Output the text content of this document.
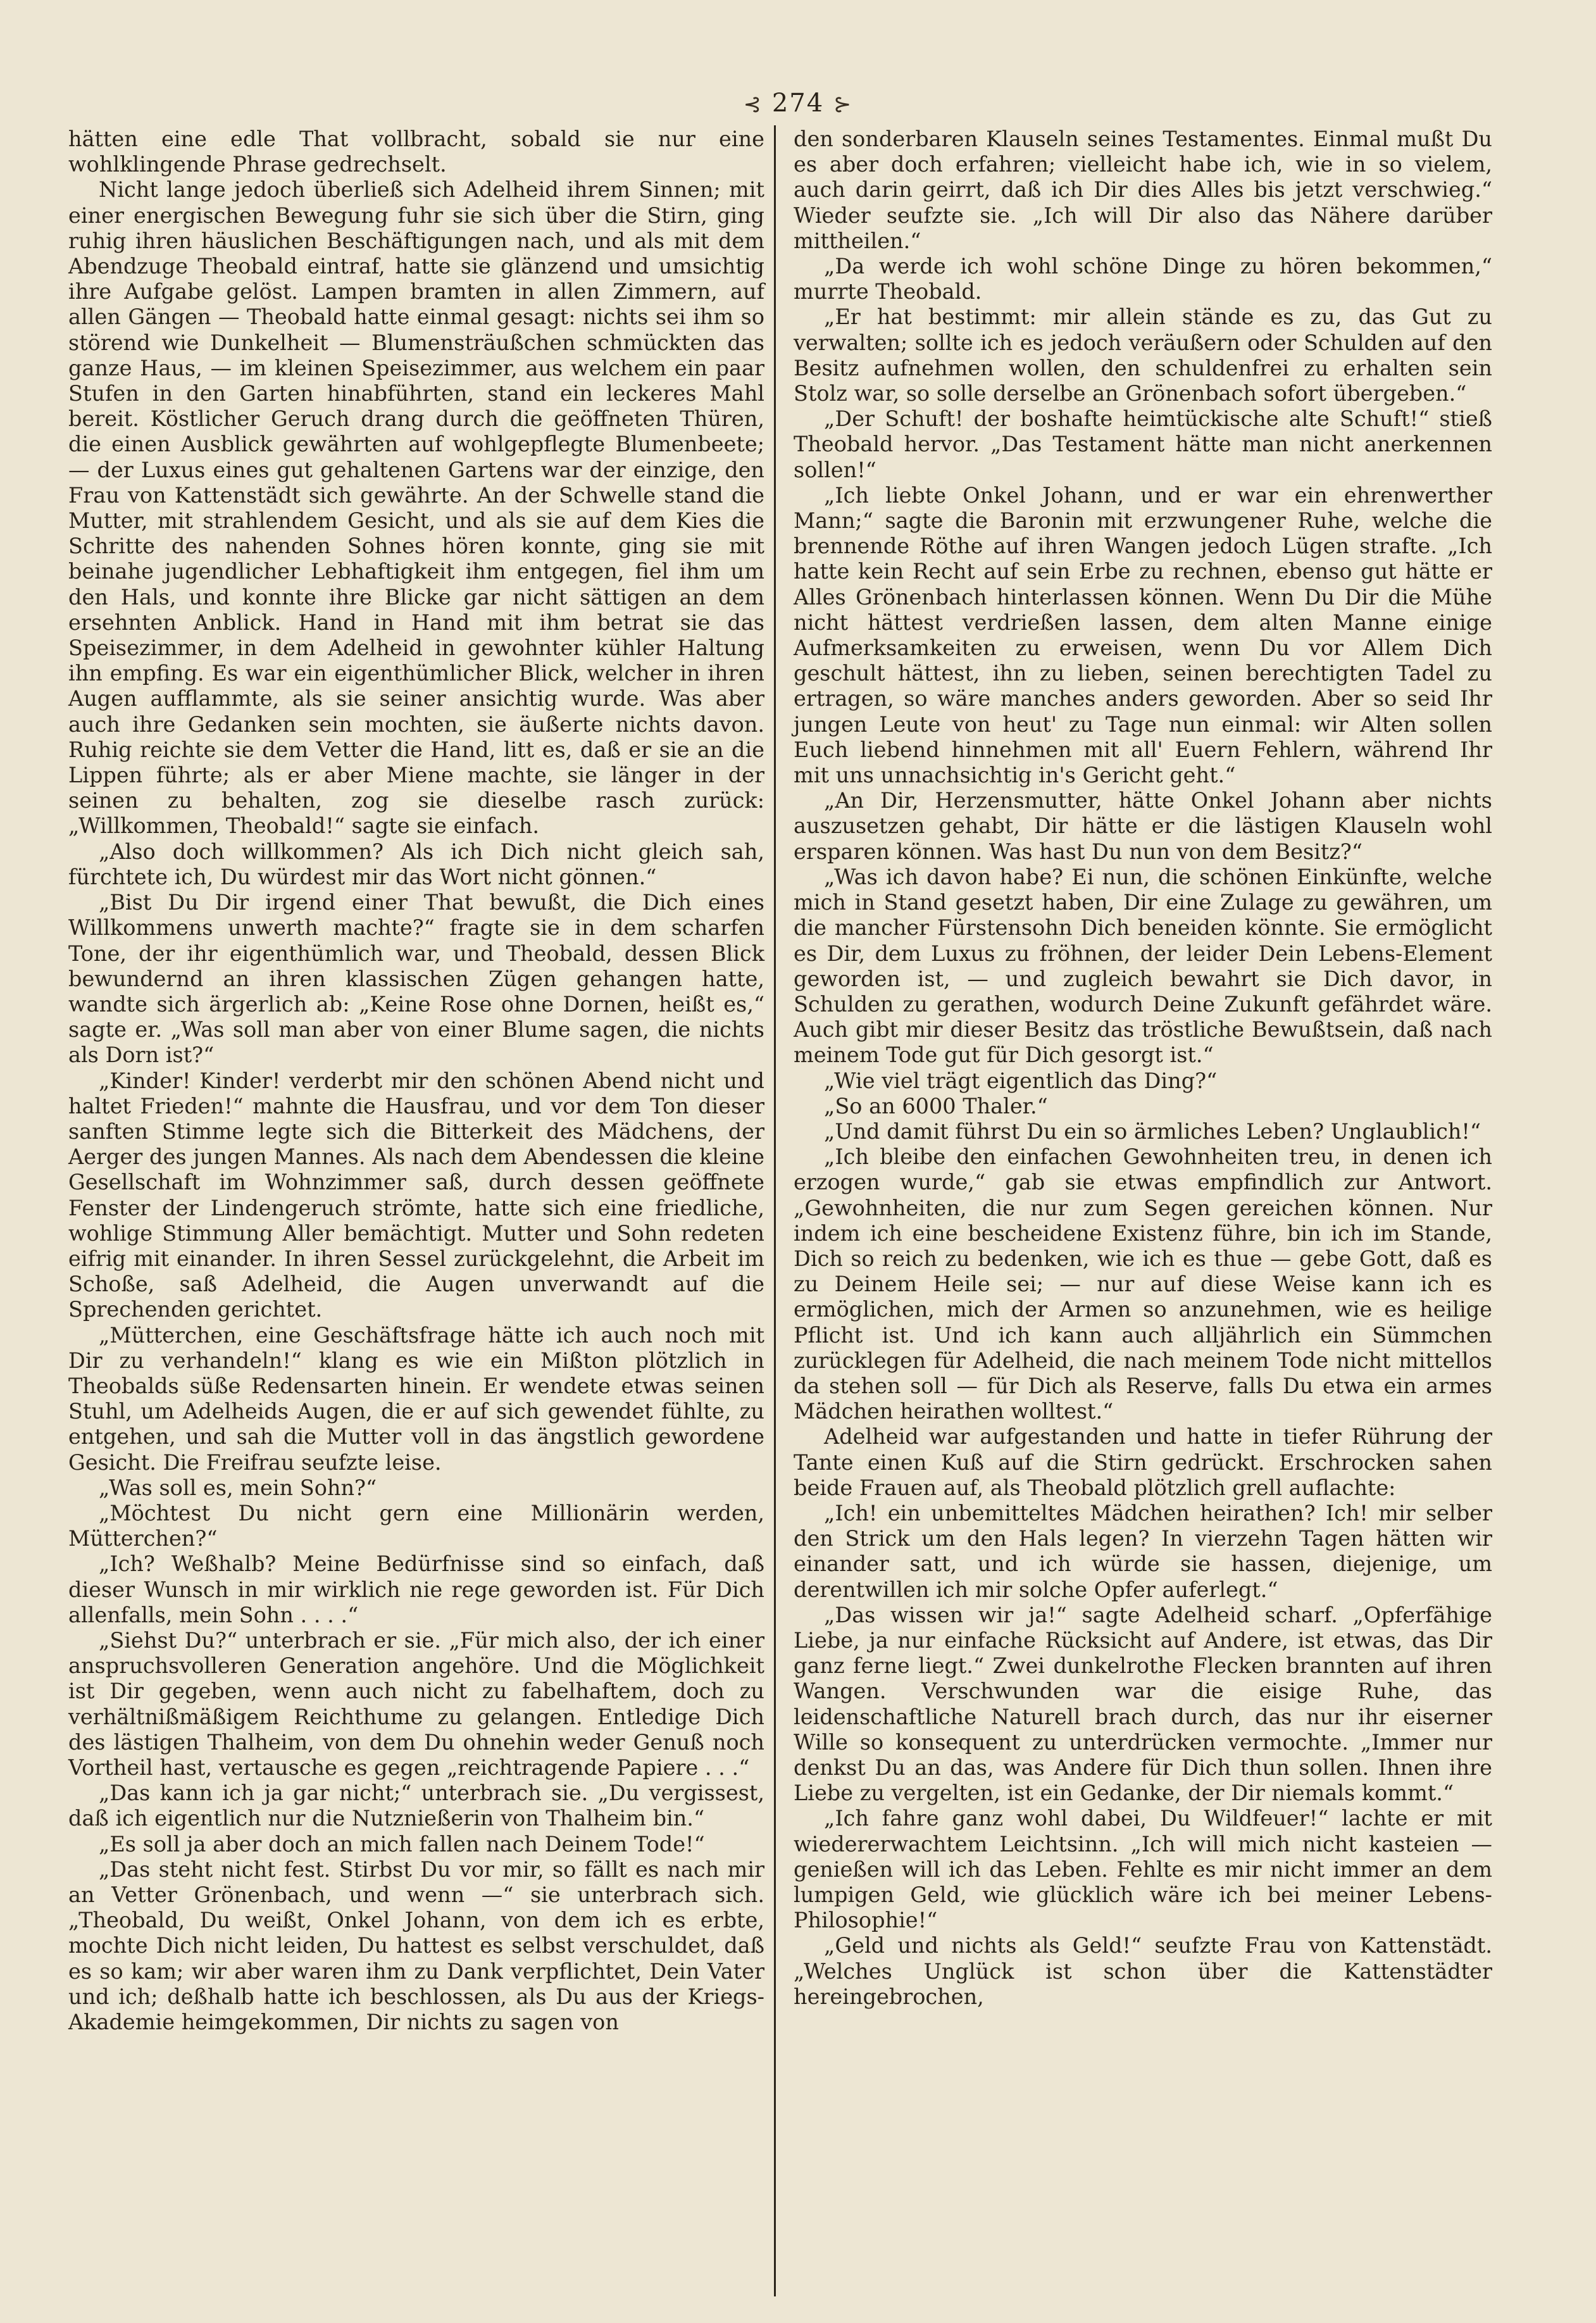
⊰ 274 ⊱

hätten eine edle That vollbracht, sobald sie nur eine wohlklingende Phrase gedrechselt.

Nicht lange jedoch überließ sich Adelheid ihrem Sinnen; mit einer energischen Bewegung fuhr sie sich über die Stirn, ging ruhig ihren häuslichen Beschäftigungen nach, und als mit dem Abendzuge Theobald eintraf, hatte sie glänzend und umsichtig ihre Aufgabe gelöst. Lampen bramten in allen Zimmern, auf allen Gängen — Theobald hatte einmal gesagt: nichts sei ihm so störend wie Dunkelheit — Blumensträußchen schmückten das ganze Haus, — im kleinen Speisezimmer, aus welchem ein paar Stufen in den Garten hinabführten, stand ein leckeres Mahl bereit. Köstlicher Geruch drang durch die geöffneten Thüren, die einen Ausblick gewährten auf wohlgepflegte Blumenbeete; — der Luxus eines gut gehaltenen Gartens war der einzige, den Frau von Kattenstädt sich gewährte. An der Schwelle stand die Mutter, mit strahlendem Gesicht, und als sie auf dem Kies die Schritte des nahenden Sohnes hören konnte, ging sie mit beinahe jugendlicher Lebhaftigkeit ihm entgegen, fiel ihm um den Hals, und konnte ihre Blicke gar nicht sättigen an dem ersehnten Anblick. Hand in Hand mit ihm betrat sie das Speisezimmer, in dem Adelheid in gewohnter kühler Haltung ihn empfing. Es war ein eigenthümlicher Blick, welcher in ihren Augen aufflammte, als sie seiner ansichtig wurde. Was aber auch ihre Gedanken sein mochten, sie äußerte nichts davon. Ruhig reichte sie dem Vetter die Hand, litt es, daß er sie an die Lippen führte; als er aber Miene machte, sie länger in der seinen zu behalten, zog sie dieselbe rasch zurück: „Willkommen, Theobald!“ sagte sie einfach.

„Also doch willkommen? Als ich Dich nicht gleich sah, fürchtete ich, Du würdest mir das Wort nicht gönnen.“

„Bist Du Dir irgend einer That bewußt, die Dich eines Willkommens unwerth machte?“ fragte sie in dem scharfen Tone, der ihr eigenthümlich war, und Theobald, dessen Blick bewundernd an ihren klassischen Zügen gehangen hatte, wandte sich ärgerlich ab: „Keine Rose ohne Dornen, heißt es,“ sagte er. „Was soll man aber von einer Blume sagen, die nichts als Dorn ist?“

„Kinder! Kinder! verderbt mir den schönen Abend nicht und haltet Frieden!“ mahnte die Hausfrau, und vor dem Ton dieser sanften Stimme legte sich die Bitterkeit des Mädchens, der Aerger des jungen Mannes. Als nach dem Abendessen die kleine Gesellschaft im Wohnzimmer saß, durch dessen geöffnete Fenster der Lindengeruch strömte, hatte sich eine friedliche, wohlige Stimmung Aller bemächtigt. Mutter und Sohn redeten eifrig mit einander. In ihren Sessel zurückgelehnt, die Arbeit im Schoße, saß Adelheid, die Augen unverwandt auf die Sprechenden gerichtet.

„Mütterchen, eine Geschäftsfrage hätte ich auch noch mit Dir zu verhandeln!“ klang es wie ein Mißton plötzlich in Theobalds süße Redensarten hinein. Er wendete etwas seinen Stuhl, um Adelheids Augen, die er auf sich gewendet fühlte, zu entgehen, und sah die Mutter voll in das ängstlich gewordene Gesicht. Die Freifrau seufzte leise.

„Was soll es, mein Sohn?“

„Möchtest Du nicht gern eine Millionärin werden, Mütterchen?“

„Ich? Weßhalb? Meine Bedürfnisse sind so einfach, daß dieser Wunsch in mir wirklich nie rege geworden ist. Für Dich allenfalls, mein Sohn . . . .“

„Siehst Du?“ unterbrach er sie. „Für mich also, der ich einer anspruchsvolleren Generation angehöre. Und die Möglichkeit ist Dir gegeben, wenn auch nicht zu fabelhaftem, doch zu verhältnißmäßigem Reichthume zu gelangen. Entledige Dich des lästigen Thalheim, von dem Du ohnehin weder Genuß noch Vortheil hast, vertausche es gegen „reichtragende Papiere . . .“

„Das kann ich ja gar nicht;“ unterbrach sie. „Du vergissest, daß ich eigentlich nur die Nutznießerin von Thalheim bin.“

„Es soll ja aber doch an mich fallen nach Deinem Tode!“

„Das steht nicht fest. Stirbst Du vor mir, so fällt es nach mir an Vetter Grönenbach, und wenn —“ sie unterbrach sich. „Theobald, Du weißt, Onkel Johann, von dem ich es erbte, mochte Dich nicht leiden, Du hattest es selbst verschuldet, daß es so kam; wir aber waren ihm zu Dank verpflichtet, Dein Vater und ich; deßhalb hatte ich beschlossen, als Du aus der Kriegs-Akademie heimgekommen, Dir nichts zu sagen von

den sonderbaren Klauseln seines Testamentes. Einmal mußt Du es aber doch erfahren; vielleicht habe ich, wie in so vielem, auch darin geirrt, daß ich Dir dies Alles bis jetzt verschwieg.“ Wieder seufzte sie. „Ich will Dir also das Nähere darüber mittheilen.“

„Da werde ich wohl schöne Dinge zu hören bekommen,“ murrte Theobald.

„Er hat bestimmt: mir allein stände es zu, das Gut zu verwalten; sollte ich es jedoch veräußern oder Schulden auf den Besitz aufnehmen wollen, den schuldenfrei zu erhalten sein Stolz war, so solle derselbe an Grönenbach sofort übergeben.“

„Der Schuft! der boshafte heimtückische alte Schuft!“ stieß Theobald hervor. „Das Testament hätte man nicht anerkennen sollen!“

„Ich liebte Onkel Johann, und er war ein ehrenwerther Mann;“ sagte die Baronin mit erzwungener Ruhe, welche die brennende Röthe auf ihren Wangen jedoch Lügen strafte. „Ich hatte kein Recht auf sein Erbe zu rechnen, ebenso gut hätte er Alles Grönenbach hinterlassen können. Wenn Du Dir die Mühe nicht hättest verdrießen lassen, dem alten Manne einige Aufmerksamkeiten zu erweisen, wenn Du vor Allem Dich geschult hättest, ihn zu lieben, seinen berechtigten Tadel zu ertragen, so wäre manches anders geworden. Aber so seid Ihr jungen Leute von heut' zu Tage nun einmal: wir Alten sollen Euch liebend hinnehmen mit all' Euern Fehlern, während Ihr mit uns unnachsichtig in's Gericht geht.“

„An Dir, Herzensmutter, hätte Onkel Johann aber nichts auszusetzen gehabt, Dir hätte er die lästigen Klauseln wohl ersparen können. Was hast Du nun von dem Besitz?“

„Was ich davon habe? Ei nun, die schönen Einkünfte, welche mich in Stand gesetzt haben, Dir eine Zulage zu gewähren, um die mancher Fürstensohn Dich beneiden könnte. Sie ermöglicht es Dir, dem Luxus zu fröhnen, der leider Dein Lebens-Element geworden ist, — und zugleich bewahrt sie Dich davor, in Schulden zu gerathen, wodurch Deine Zukunft gefährdet wäre. Auch gibt mir dieser Besitz das tröstliche Bewußtsein, daß nach meinem Tode gut für Dich gesorgt ist.“

„Wie viel trägt eigentlich das Ding?“

„So an 6000 Thaler.“

„Und damit führst Du ein so ärmliches Leben? Unglaublich!“

„Ich bleibe den einfachen Gewohnheiten treu, in denen ich erzogen wurde,“ gab sie etwas empfindlich zur Antwort. „Gewohnheiten, die nur zum Segen gereichen können. Nur indem ich eine bescheidene Existenz führe, bin ich im Stande, Dich so reich zu bedenken, wie ich es thue — gebe Gott, daß es zu Deinem Heile sei; — nur auf diese Weise kann ich es ermöglichen, mich der Armen so anzunehmen, wie es heilige Pflicht ist. Und ich kann auch alljährlich ein Sümmchen zurücklegen für Adelheid, die nach meinem Tode nicht mittellos da stehen soll — für Dich als Reserve, falls Du etwa ein armes Mädchen heirathen wolltest.“

Adelheid war aufgestanden und hatte in tiefer Rührung der Tante einen Kuß auf die Stirn gedrückt. Erschrocken sahen beide Frauen auf, als Theobald plötzlich grell auflachte:

„Ich! ein unbemitteltes Mädchen heirathen? Ich! mir selber den Strick um den Hals legen? In vierzehn Tagen hätten wir einander satt, und ich würde sie hassen, diejenige, um derentwillen ich mir solche Opfer auferlegt.“

„Das wissen wir ja!“ sagte Adelheid scharf. „Opferfähige Liebe, ja nur einfache Rücksicht auf Andere, ist etwas, das Dir ganz ferne liegt.“ Zwei dunkelrothe Flecken brannten auf ihren Wangen. Verschwunden war die eisige Ruhe, das leidenschaftliche Naturell brach durch, das nur ihr eiserner Wille so konsequent zu unterdrücken vermochte. „Immer nur denkst Du an das, was Andere für Dich thun sollen. Ihnen ihre Liebe zu vergelten, ist ein Gedanke, der Dir niemals kommt.“

„Ich fahre ganz wohl dabei, Du Wildfeuer!“ lachte er mit wiedererwachtem Leichtsinn. „Ich will mich nicht kasteien — genießen will ich das Leben. Fehlte es mir nicht immer an dem lumpigen Geld, wie glücklich wäre ich bei meiner Lebens-Philosophie!“

„Geld und nichts als Geld!“ seufzte Frau von Kattenstädt. „Welches Unglück ist schon über die Kattenstädter hereingebrochen,
